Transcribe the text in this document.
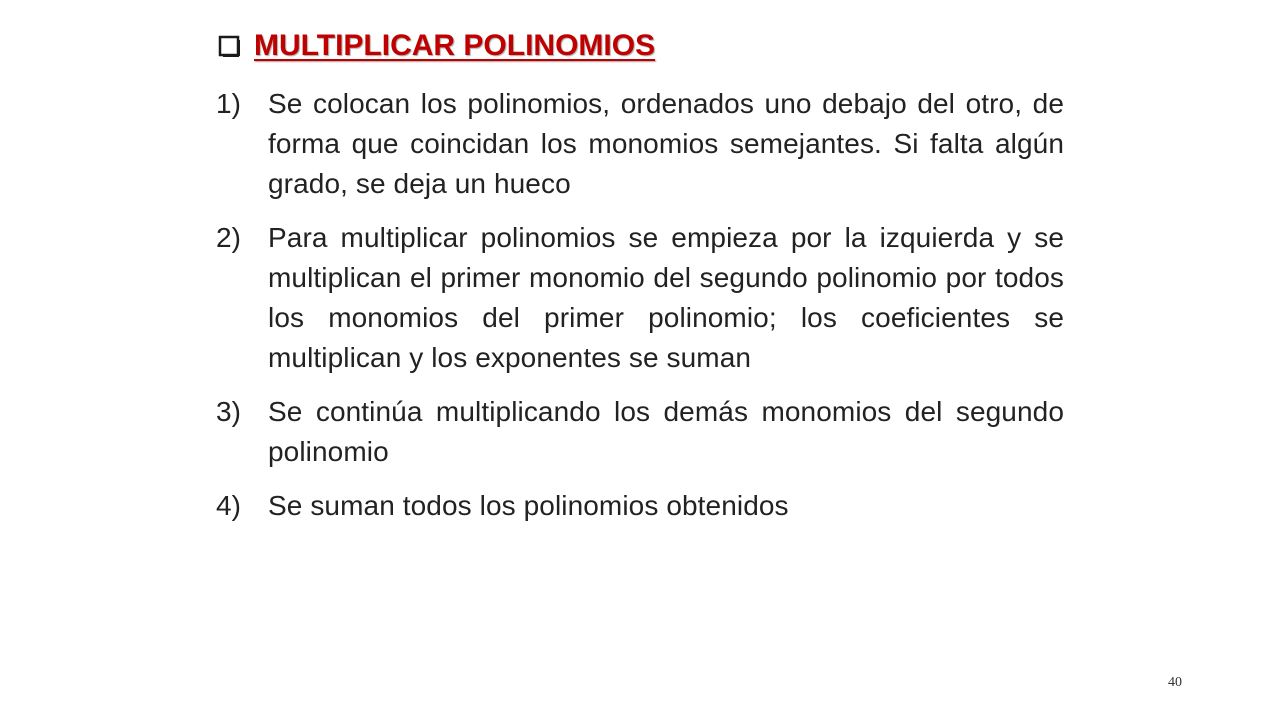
MULTIPLICAR POLINOMIOS
1) Se colocan los polinomios, ordenados uno debajo del otro, de forma que coincidan los monomios semejantes. Si falta algún grado, se deja un hueco
2) Para multiplicar polinomios se empieza por la izquierda y se multiplican el primer monomio del segundo polinomio por todos los monomios del primer polinomio; los coeficientes se multiplican y los exponentes se suman
3) Se continúa multiplicando los demás monomios del segundo polinomio
4) Se suman todos los polinomios obtenidos
40
